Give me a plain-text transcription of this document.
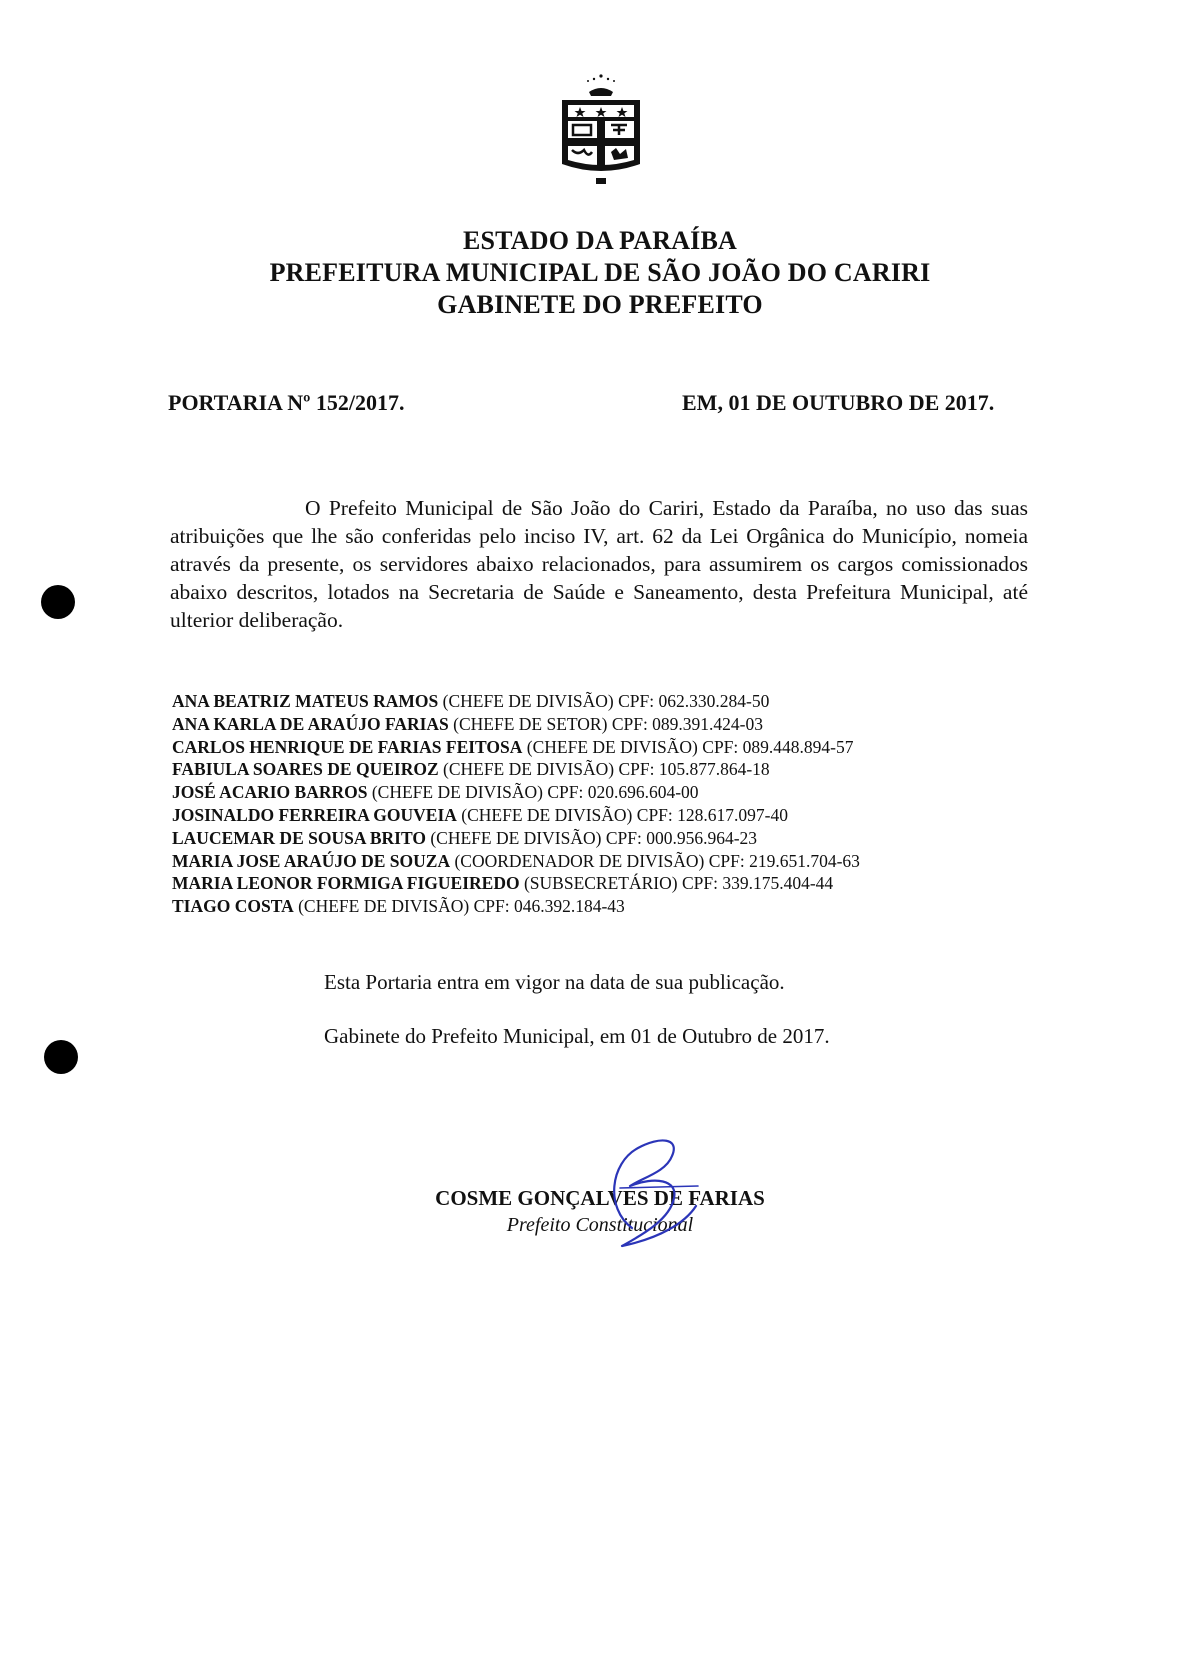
ESTADO DA PARAÍBA
PREFEITURA MUNICIPAL DE SÃO JOÃO DO CARIRI
GABINETE DO PREFEITO
PORTARIA Nº 152/2017.	EM, 01 DE OUTUBRO DE 2017.

O Prefeito Municipal de São João do Cariri, Estado da Paraíba, no uso das suas atribuições que lhe são conferidas pelo inciso IV, art. 62 da Lei Orgânica do Município, nomeia através da presente, os servidores abaixo relacionados, para assumirem os cargos comissionados abaixo descritos, lotados na Secretaria de Saúde e Saneamento, desta Prefeitura Municipal, até ulterior deliberação.

ANA BEATRIZ MATEUS RAMOS (CHEFE DE DIVISÃO) CPF: 062.330.284-50
ANA KARLA DE ARAÚJO FARIAS (CHEFE DE SETOR) CPF: 089.391.424-03
CARLOS HENRIQUE DE FARIAS FEITOSA (CHEFE DE DIVISÃO) CPF: 089.448.894-57
FABIULA SOARES DE QUEIROZ (CHEFE DE DIVISÃO) CPF: 105.877.864-18
JOSÉ ACARIO BARROS (CHEFE DE DIVISÃO) CPF: 020.696.604-00
JOSINALDO FERREIRA GOUVEIA (CHEFE DE DIVISÃO) CPF: 128.617.097-40
LAUCEMAR DE SOUSA BRITO (CHEFE DE DIVISÃO) CPF: 000.956.964-23
MARIA JOSE ARAÚJO DE SOUZA (COORDENADOR DE DIVISÃO) CPF: 219.651.704-63
MARIA LEONOR FORMIGA FIGUEIREDO (SUBSECRETÁRIO) CPF: 339.175.404-44
TIAGO COSTA (CHEFE DE DIVISÃO) CPF: 046.392.184-43
Esta Portaria entra em vigor na data de sua publicação.
Gabinete do Prefeito Municipal, em 01 de Outubro de 2017.
COSME GONÇALVES DE FARIAS
Prefeito Constitucional
